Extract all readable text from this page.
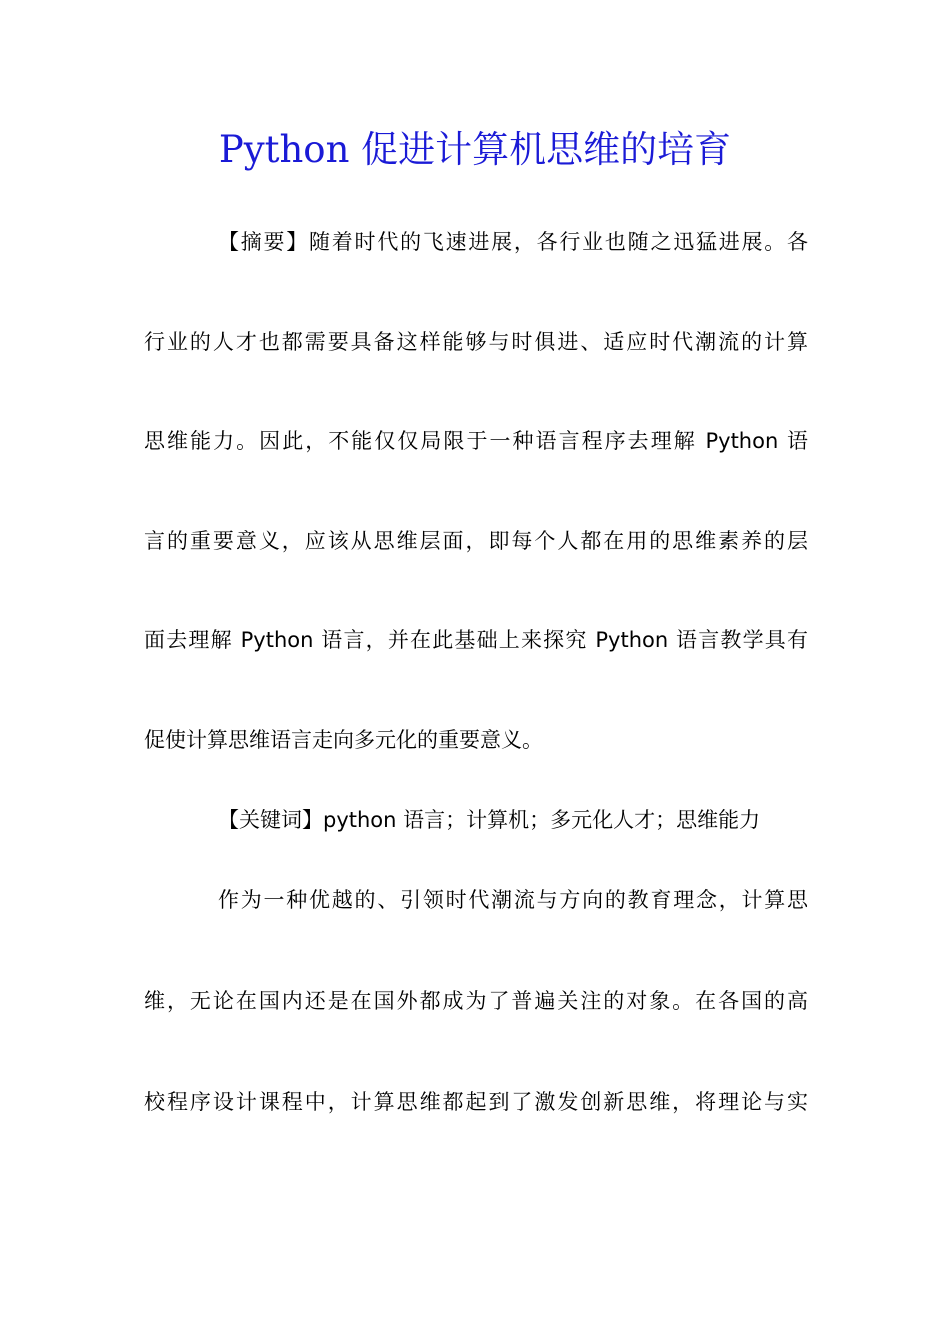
Python 促进计算机思维的培育
【摘要】随着时代的飞速进展，各行业也随之迅猛进展。各
行业的人才也都需要具备这样能够与时俱进、适应时代潮流的计算
思维能力。因此，不能仅仅局限于一种语言程序去理解 Python 语
言的重要意义，应该从思维层面，即每个人都在用的思维素养的层
面去理解 Python 语言，并在此基础上来探究 Python 语言教学具有
促使计算思维语言走向多元化的重要意义。
【关键词】python 语言；计算机；多元化人才；思维能力
作为一种优越的、引领时代潮流与方向的教育理念，计算思
维，无论在国内还是在国外都成为了普遍关注的对象。在各国的高
校程序设计课程中，计算思维都起到了激发创新思维，将理论与实
